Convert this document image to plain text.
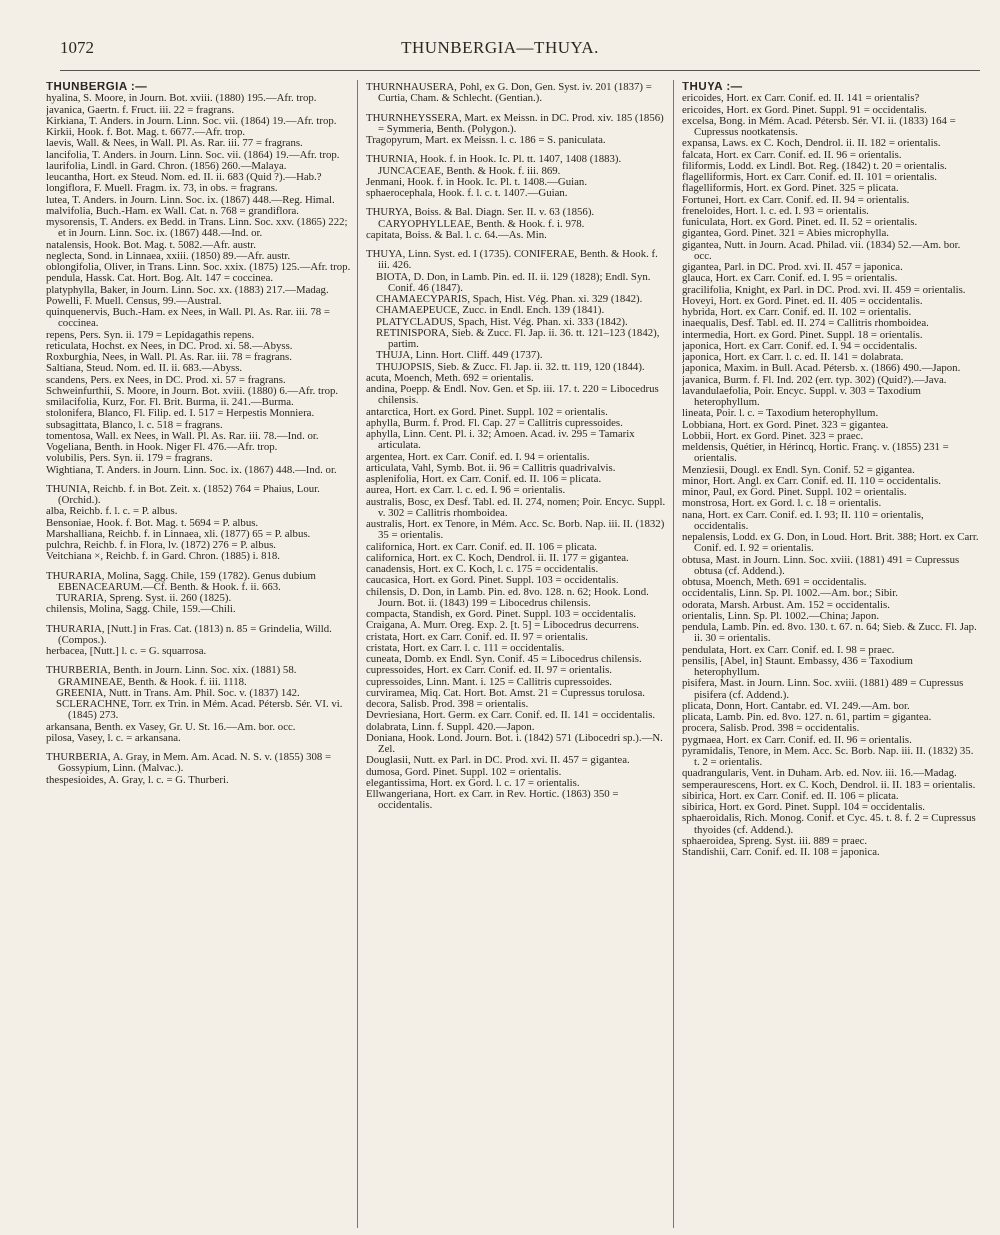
1072	THUNBERGIA—THUYA.
THUNBERGIA :—
hyalina, S. Moore, in Journ. Bot. xviii. (1880) 195.—Afr. trop.
javanica, Gaertn. f. Fruct. iii. 22 = fragrans.
Kirkiana, T. Anders. in Journ. Linn. Soc. vii. (1864) 19.—Afr. trop.
Kirkii, Hook. f. Bot. Mag. t. 6677.—Afr. trop.
laevis, Wall. & Nees, in Wall. Pl. As. Rar. iii. 77 = fragrans.
lancifolia, T. Anders. in Journ. Linn. Soc. vii. (1864) 19.—Afr. trop.
laurifolia, Lindl. in Gard. Chron. (1856) 260.—Malaya.
leucantha, Hort. ex Steud. Nom. ed. II. ii. 683 (Quid ?).—Hab.?
longiflora, F. Muell. Fragm. ix. 73, in obs. = fragrans.
lutea, T. Anders. in Journ. Linn. Soc. ix. (1867) 448.—Reg. Himal.
malvifolia, Buch.-Ham. ex Wall. Cat. n. 768 = grandiflora.
mysorensis, T. Anders. ex Bedd. in Trans. Linn. Soc. xxv. (1865) 222; et in Journ. Linn. Soc. ix. (1867) 448.—Ind. or.
natalensis, Hook. Bot. Mag. t. 5082.—Afr. austr.
neglecta, Sond. in Linnaea, xxiii. (1850) 89.—Afr. austr.
oblongifolia, Oliver, in Trans. Linn. Soc. xxix. (1875) 125.—Afr. trop.
pendula, Hassk. Cat. Hort. Bog. Alt. 147 = coccinea.
platyphylla, Baker, in Journ. Linn. Soc. xx. (1883) 217.—Madag.
Powelli, F. Muell. Census, 99.—Austral.
quinquenervis, Buch.-Ham. ex Nees, in Wall. Pl. As. Rar. iii. 78 = coccinea.
repens, Pers. Syn. ii. 179 = Lepidagathis repens.
reticulata, Hochst. ex Nees, in DC. Prod. xi. 58.—Abyss.
Roxburghia, Nees, in Wall. Pl. As. Rar. iii. 78 = fragrans.
Saltiana, Steud. Nom. ed. II. ii. 683.—Abyss.
scandens, Pers. ex Nees, in DC. Prod. xi. 57 = fragrans.
Schweinfurthii, S. Moore, in Journ. Bot. xviii. (1880) 6.—Afr. trop.
smilacifolia, Kurz, For. Fl. Brit. Burma, ii. 241.—Burma.
stolonifera, Blanco, Fl. Filip. ed. I. 517 = Herpestis Monniera.
subsagittata, Blanco, l. c. 518 = fragrans.
tomentosa, Wall. ex Nees, in Wall. Pl. As. Rar. iii. 78.—Ind. or.
Vogeliana, Benth. in Hook. Niger Fl. 476.—Afr. trop.
volubilis, Pers. Syn. ii. 179 = fragrans.
Wightiana, T. Anders. in Journ. Linn. Soc. ix. (1867) 448.—Ind. or.
THUNIA, Reichb. f. in Bot. Zeit. x. (1852) 764 = Phaius, Lour. (Orchid.).
alba, Reichb. f. l. c. = P. albus.
Bensoniae, Hook. f. Bot. Mag. t. 5694 = P. albus.
Marshalliana, Reichb. f. in Linnaea, xli. (1877) 65 = P. albus.
pulchra, Reichb. f. in Flora, lv. (1872) 276 = P. albus.
Veitchiana ×, Reichb. f. in Gard. Chron. (1885) i. 818.
THURARIA, Molina, Sagg. Chile, 159 (1782). Genus dubium EBENACEARUM.—Cf. Benth. & Hook. f. ii. 663.
TURARIA, Spreng. Syst. ii. 260 (1825).
chilensis, Molina, Sagg. Chile, 159.—Chili.
THURARIA, [Nutt.] in Fras. Cat. (1813) n. 85 = Grindelia, Willd. (Compos.).
herbacea, [Nutt.] l. c. = G. squarrosa.
THURBERIA, Benth. in Journ. Linn. Soc. xix. (1881) 58. GRAMINEAE, Benth. & Hook. f. iii. 1118.
GREENIA, Nutt. in Trans. Am. Phil. Soc. v. (1837) 142.
SCLERACHNE, Torr. ex Trin. in Mém. Acad. Pétersb. Sér. VI. vi. (1845) 273.
arkansana, Benth. ex Vasey, Gr. U. St. 16.—Am. bor. occ.
pilosa, Vasey, l. c. = arkansana.
THURBERIA, A. Gray, in Mem. Am. Acad. N. S. v. (1855) 308 = Gossypium, Linn. (Malvac.).
thespesioides, A. Gray, l. c. = G. Thurberi.
THURNHAUSERA, Pohl, ex G. Don, Gen. Syst. iv. 201 (1837) = Curtia, Cham. & Schlecht. (Gentian.).
THURNHEYSSERA, Mart. ex Meissn. in DC. Prod. xiv. 185 (1856) = Symmeria, Benth. (Polygon.).
Tragopyrum, Mart. ex Meissn. l. c. 186 = S. paniculata.
THURNIA, Hook. f. in Hook. Ic. Pl. tt. 1407, 1408 (1883). JUNCACEAE, Benth. & Hook. f. iii. 869.
Jenmani, Hook. f. in Hook. Ic. Pl. t. 1408.—Guian.
sphaerocephala, Hook. f. l. c. t. 1407.—Guian.
THURYA, Boiss. & Bal. Diagn. Ser. II. v. 63 (1856). CARYOPHYLLEAE, Benth. & Hook. f. i. 978.
capitata, Boiss. & Bal. l. c. 64.—As. Min.
THUYA, Linn. Syst. ed. I (1735). CONIFERAE, Benth. & Hook. f. iii. 426.
BIOTA, D. Don, in Lamb. Pin. ed. II. ii. 129 (1828); Endl. Syn. Conif. 46 (1847).
CHAMAECYPARIS, Spach, Hist. Vég. Phan. xi. 329 (1842).
CHAMAEPEUCE, Zucc. in Endl. Ench. 139 (1841).
PLATYCLADUS, Spach, Hist. Vég. Phan. xi. 333 (1842).
RETINISPORA, Sieb. & Zucc. Fl. Jap. ii. 36. tt. 121–123 (1842), partim.
THUJA, Linn. Hort. Cliff. 449 (1737).
THUJOPSIS, Sieb. & Zucc. Fl. Jap. ii. 32. tt. 119, 120 (1844).
acuta, Moench, Meth. 692 = orientalis.
andina, Poepp. & Endl. Nov. Gen. et Sp. iii. 17. t. 220 = Libocedrus chilensis.
antarctica, Hort. ex Gord. Pinet. Suppl. 102 = orientalis.
aphylla, Burm. f. Prod. Fl. Cap. 27 = Callitris cupressoides.
aphylla, Linn. Cent. Pl. i. 32; Amoen. Acad. iv. 295 = Tamarix articulata.
argentea, Hort. ex Carr. Conif. ed. I. 94 = orientalis.
articulata, Vahl, Symb. Bot. ii. 96 = Callitris quadrivalvis.
asplenifolia, Hort. ex Carr. Conif. ed. II. 106 = plicata.
aurea, Hort. ex Carr. l. c. ed. I. 96 = orientalis.
australis, Bosc, ex Desf. Tabl. ed. II. 274, nomen; Poir. Encyc. Suppl. v. 302 = Callitris rhomboidea.
australis, Hort. ex Tenore, in Mém. Acc. Sc. Borb. Nap. iii. II. (1832) 35 = orientalis.
californica, Hort. ex Carr. Conif. ed. II. 106 = plicata.
californica, Hort. ex C. Koch, Dendrol. ii. II. 177 = gigantea.
canadensis, Hort. ex C. Koch, l. c. 175 = occidentalis.
caucasica, Hort. ex Gord. Pinet. Suppl. 103 = occidentalis.
chilensis, D. Don, in Lamb. Pin. ed. 8vo. 128. n. 62; Hook. Lond. Journ. Bot. ii. (1843) 199 = Libocedrus chilensis.
compacta, Standish, ex Gord. Pinet. Suppl. 103 = occidentalis.
Craigana, A. Murr. Oreg. Exp. 2. [t. 5] = Libocedrus decurrens.
cristata, Hort. ex Carr. Conif. ed. II. 97 = orientalis.
cristata, Hort. ex Carr. l. c. 111 = occidentalis.
cuneata, Domb. ex Endl. Syn. Conif. 45 = Libocedrus chilensis.
cupressoides, Hort. ex Carr. Conif. ed. II. 97 = orientalis.
cupressoides, Linn. Mant. i. 125 = Callitris cupressoides.
curviramea, Miq. Cat. Hort. Bot. Amst. 21 = Cupressus torulosa.
decora, Salisb. Prod. 398 = orientalis.
Devriesiana, Hort. Germ. ex Carr. Conif. ed. II. 141 = occidentalis.
dolabrata, Linn. f. Suppl. 420.—Japon.
Doniana, Hook. Lond. Journ. Bot. i. (1842) 571 (Libocedri sp.).—N. Zel.
Douglasii, Nutt. ex Parl. in DC. Prod. xvi. II. 457 = gigantea.
dumosa, Gord. Pinet. Suppl. 102 = orientalis.
elegantissima, Hort. ex Gord. l. c. 17 = orientalis.
Ellwangeriana, Hort. ex Carr. in Rev. Hortic. (1863) 350 = occidentalis.
THUYA :—
ericoides, Hort. ex Carr. Conif. ed. II. 141 = orientalis?
ericoides, Hort. ex Gord. Pinet. Suppl. 91 = occidentalis.
excelsa, Bong. in Mém. Acad. Pétersb. Sér. VI. ii. (1833) 164 = Cupressus nootkatensis.
expansa, Laws. ex C. Koch, Dendrol. ii. II. 182 = orientalis.
falcata, Hort. ex Carr. Conif. ed. II. 96 = orientalis.
filiformis, Lodd. ex Lindl. Bot. Reg. (1842) t. 20 = orientalis.
flagelliformis, Hort. ex Carr. Conif. ed. II. 101 = orientalis.
flagelliformis, Hort. ex Gord. Pinet. 325 = plicata.
Fortunei, Hort. ex Carr. Conif. ed. II. 94 = orientalis.
freneloides, Hort. l. c. ed. I. 93 = orientalis.
funiculata, Hort. ex Gord. Pinet. ed. II. 52 = orientalis.
gigantea, Gord. Pinet. 321 = Abies microphylla.
gigantea, Nutt. in Journ. Acad. Philad. vii. (1834) 52.—Am. bor. occ.
gigantea, Parl. in DC. Prod. xvi. II. 457 = japonica.
glauca, Hort. ex Carr. Conif. ed. I. 95 = orientalis.
gracilifolia, Knight, ex Parl. in DC. Prod. xvi. II. 459 = orientalis.
Hoveyi, Hort. ex Gord. Pinet. ed. II. 405 = occidentalis.
hybrida, Hort. ex Carr. Conif. ed. II. 102 = orientalis.
inaequalis, Desf. Tabl. ed. II. 274 = Callitris rhomboidea.
intermedia, Hort. ex Gord. Pinet. Suppl. 18 = orientalis.
japonica, Hort. ex Carr. Conif. ed. I. 94 = occidentalis.
japonica, Hort. ex Carr. l. c. ed. II. 141 = dolabrata.
japonica, Maxim. in Bull. Acad. Pétersb. x. (1866) 490.—Japon.
javanica, Burm. f. Fl. Ind. 202 (err. typ. 302) (Quid?).—Java.
lavandulaefolia, Poir. Encyc. Suppl. v. 303 = Taxodium heterophyllum.
lineata, Poir. l. c. = Taxodium heterophyllum.
Lobbiana, Hort. ex Gord. Pinet. 323 = gigantea.
Lobbii, Hort. ex Gord. Pinet. 323 = praec.
meldensis, Quétier, in Hérincq, Hortic. Franç. v. (1855) 231 = orientalis.
Menziesii, Dougl. ex Endl. Syn. Conif. 52 = gigantea.
minor, Hort. Angl. ex Carr. Conif. ed. II. 110 = occidentalis.
minor, Paul, ex Gord. Pinet. Suppl. 102 = orientalis.
monstrosa, Hort. ex Gord. l. c. 18 = orientalis.
nana, Hort. ex Carr. Conif. ed. I. 93; II. 110 = orientalis, occidentalis.
nepalensis, Lodd. ex G. Don, in Loud. Hort. Brit. 388; Hort. ex Carr. Conif. ed. I. 92 = orientalis.
obtusa, Mast. in Journ. Linn. Soc. xviii. (1881) 491 = Cupressus obtusa (cf. Addend.).
obtusa, Moench, Meth. 691 = occidentalis.
occidentalis, Linn. Sp. Pl. 1002.—Am. bor.; Sibir.
odorata, Marsh. Arbust. Am. 152 = occidentalis.
orientalis, Linn. Sp. Pl. 1002.—China; Japon.
pendula, Lamb. Pin. ed. 8vo. 130. t. 67. n. 64; Sieb. & Zucc. Fl. Jap. ii. 30 = orientalis.
pendulata, Hort. ex Carr. Conif. ed. I. 98 = praec.
pensilis, [Abel, in] Staunt. Embassy, 436 = Taxodium heterophyllum.
pisifera, Mast. in Journ. Linn. Soc. xviii. (1881) 489 = Cupressus pisifera (cf. Addend.).
plicata, Donn, Hort. Cantabr. ed. VI. 249.—Am. bor.
plicata, Lamb. Pin. ed. 8vo. 127. n. 61, partim = gigantea.
procera, Salisb. Prod. 398 = occidentalis.
pygmaea, Hort. ex Carr. Conif. ed. II. 96 = orientalis.
pyramidalis, Tenore, in Mem. Acc. Sc. Borb. Nap. iii. II. (1832) 35. t. 2 = orientalis.
quadrangularis, Vent. in Duham. Arb. ed. Nov. iii. 16.—Madag.
semperaurescens, Hort. ex C. Koch, Dendrol. ii. II. 183 = orientalis.
sibirica, Hort. ex Carr. Conif. ed. II. 106 = plicata.
sibirica, Hort. ex Gord. Pinet. Suppl. 104 = occidentalis.
sphaeroidalis, Rich. Monog. Conif. et Cyc. 45. t. 8. f. 2 = Cupressus thyoides (cf. Addend.).
sphaeroidea, Spreng. Syst. iii. 889 = praec.
Standishii, Carr. Conif. ed. II. 108 = japonica.
